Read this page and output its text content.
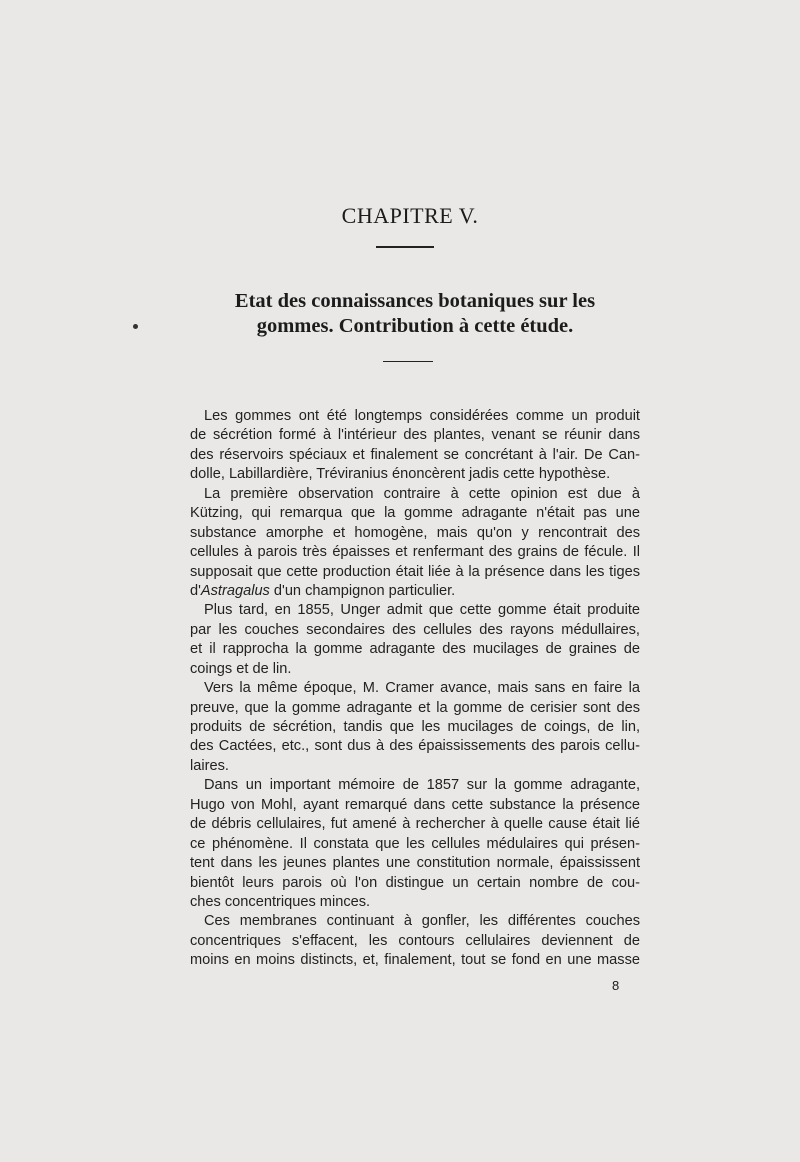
CHAPITRE V.
Etat des connaissances botaniques sur les
gommes. Contribution à cette étude.
Les gommes ont été longtemps considérées comme un produit
de sécrétion formé à l'intérieur des plantes, venant se réunir dans
des réservoirs spéciaux et finalement se concrétant à l'air. De Can-
dolle, Labillardière, Tréviranius énoncèrent jadis cette hypothèse.
La première observation contraire à cette opinion est due à
Kützing, qui remarqua que la gomme adragante n'était pas une
substance amorphe et homogène, mais qu'on y rencontrait des
cellules à parois très épaisses et renfermant des grains de fécule. Il
supposait que cette production était liée à la présence dans les tiges
d'Astragalus d'un champignon particulier.
Plus tard, en 1855, Unger admit que cette gomme était produite
par les couches secondaires des cellules des rayons médullaires,
et il rapprocha la gomme adragante des mucilages de graines de
coings et de lin.
Vers la même époque, M. Cramer avance, mais sans en faire la
preuve, que la gomme adragante et la gomme de cerisier sont des
produits de sécrétion, tandis que les mucilages de coings, de lin,
des Cactées, etc., sont dus à des épaississements des parois cellu-
laires.
Dans un important mémoire de 1857 sur la gomme adragante,
Hugo von Mohl, ayant remarqué dans cette substance la présence
de débris cellulaires, fut amené à rechercher à quelle cause était lié
ce phénomène. Il constata que les cellules médulaires qui présen-
tent dans les jeunes plantes une constitution normale, épaississent
bientôt leurs parois où l'on distingue un certain nombre de cou-
ches concentriques minces.
Ces membranes continuant à gonfler, les différentes couches
concentriques s'effacent, les contours cellulaires deviennent de
moins en moins distincts, et, finalement, tout se fond en une masse
8
